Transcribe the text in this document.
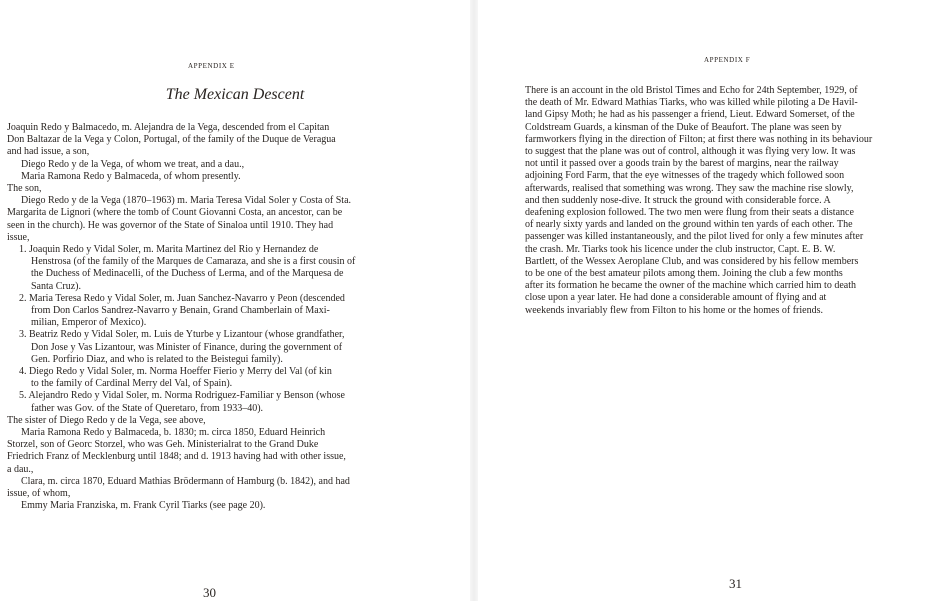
APPENDIX E
The Mexican Descent
Joaquin Redo y Balmacedo, m. Alejandra de la Vega, descended from el Capitan
Don Baltazar de la Vega y Colon, Portugal, of the family of the Duque de Veragua
and had issue, a son,
Diego Redo y de la Vega, of whom we treat, and a dau.,
Maria Ramona Redo y Balmaceda, of whom presently.
The son,
Diego Redo y de la Vega (1870–1963) m. Maria Teresa Vidal Soler y Costa of Sta.
Margarita de Lignori (where the tomb of Count Giovanni Costa, an ancestor, can be
seen in the church). He was governor of the State of Sinaloa until 1910. They had
issue,
1. Joaquin Redo y Vidal Soler, m. Marita Martinez del Rio y Hernandez de
Henstrosa (of the family of the Marques de Camaraza, and she is a first cousin of
the Duchess of Medinacelli, of the Duchess of Lerma, and of the Marquesa de
Santa Cruz).
2. Maria Teresa Redo y Vidal Soler, m. Juan Sanchez-Navarro y Peon (descended
from Don Carlos Sandrez-Navarro y Benain, Grand Chamberlain of Maxi-
milian, Emperor of Mexico).
3. Beatriz Redo y Vidal Soler, m. Luis de Yturbe y Lizantour (whose grandfather,
Don Jose y Vas Lizantour, was Minister of Finance, during the government of
Gen. Porfirio Diaz, and who is related to the Beistegui family).
4. Diego Redo y Vidal Soler, m. Norma Hoeffer Fierio y Merry del Val (of kin
to the family of Cardinal Merry del Val, of Spain).
5. Alejandro Redo y Vidal Soler, m. Norma Rodriguez-Familiar y Benson (whose
father was Gov. of the State of Queretaro, from 1933–40).
The sister of Diego Redo y de la Vega, see above,
Maria Ramona Redo y Balmaceda, b. 1830; m. circa 1850, Eduard Heinrich
Storzel, son of Georc Storzel, who was Geh. Ministerialrat to the Grand Duke
Friedrich Franz of Mecklenburg until 1848; and d. 1913 having had with other issue,
a dau.,
Clara, m. circa 1870, Eduard Mathias Brödermann of Hamburg (b. 1842), and had
issue, of whom,
Emmy Maria Franziska, m. Frank Cyril Tiarks (see page 20).
30
APPENDIX F
There is an account in the old Bristol Times and Echo for 24th September, 1929, of
the death of Mr. Edward Mathias Tiarks, who was killed while piloting a De Havil-
land Gipsy Moth; he had as his passenger a friend, Lieut. Edward Somerset, of the
Coldstream Guards, a kinsman of the Duke of Beaufort. The plane was seen by
farmworkers flying in the direction of Filton; at first there was nothing in its behaviour
to suggest that the plane was out of control, although it was flying very low. It was
not until it passed over a goods train by the barest of margins, near the railway
adjoining Ford Farm, that the eye witnesses of the tragedy which followed soon
afterwards, realised that something was wrong. They saw the machine rise slowly,
and then suddenly nose-dive. It struck the ground with considerable force. A
deafening explosion followed. The two men were flung from their seats a distance
of nearly sixty yards and landed on the ground within ten yards of each other. The
passenger was killed instantaneously, and the pilot lived for only a few minutes after
the crash. Mr. Tiarks took his licence under the club instructor, Capt. E. B. W.
Bartlett, of the Wessex Aeroplane Club, and was considered by his fellow members
to be one of the best amateur pilots among them. Joining the club a few months
after its formation he became the owner of the machine which carried him to death
close upon a year later. He had done a considerable amount of flying and at
weekends invariably flew from Filton to his home or the homes of friends.
31
